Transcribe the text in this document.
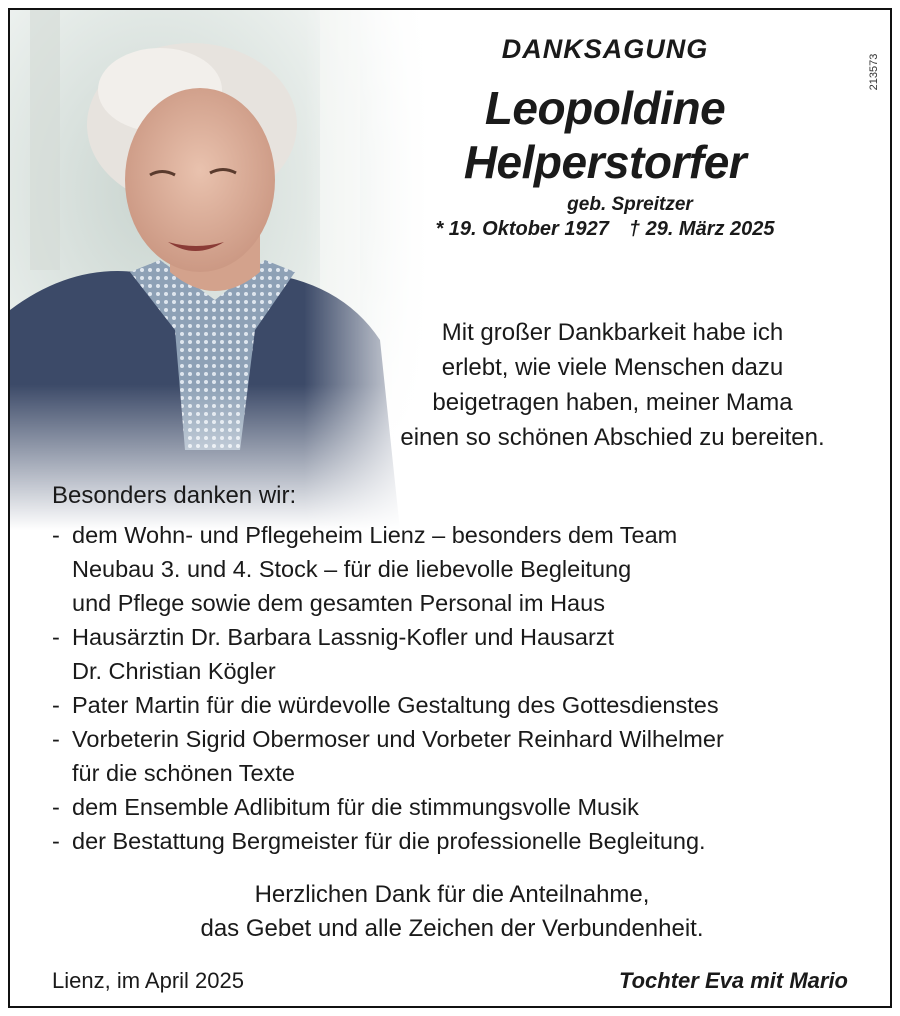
213573
DANKSAGUNG
Leopoldine
Helperstorfer
geb. Spreitzer
* 19. Oktober 1927 † 29. März 2025
Mit großer Dankbarkeit habe ich
erlebt, wie viele Menschen dazu
beigetragen haben, meiner Mama
einen so schönen Abschied zu bereiten.
Besonders danken wir:
- dem Wohn- und Pflegeheim Lienz – besonders dem Team
Neubau 3. und 4. Stock – für die liebevolle Begleitung
und Pflege sowie dem gesamten Personal im Haus
- Hausärztin Dr. Barbara Lassnig-Kofler und Hausarzt
Dr. Christian Kögler
- Pater Martin für die würdevolle Gestaltung des Gottesdienstes
- Vorbeterin Sigrid Obermoser und Vorbeter Reinhard Wilhelmer
für die schönen Texte
- dem Ensemble Adlibitum für die stimmungsvolle Musik
- der Bestattung Bergmeister für die professionelle Begleitung.
Herzlichen Dank für die Anteilnahme,
das Gebet und alle Zeichen der Verbundenheit.
Lienz, im April 2025	Tochter Eva mit Mario
